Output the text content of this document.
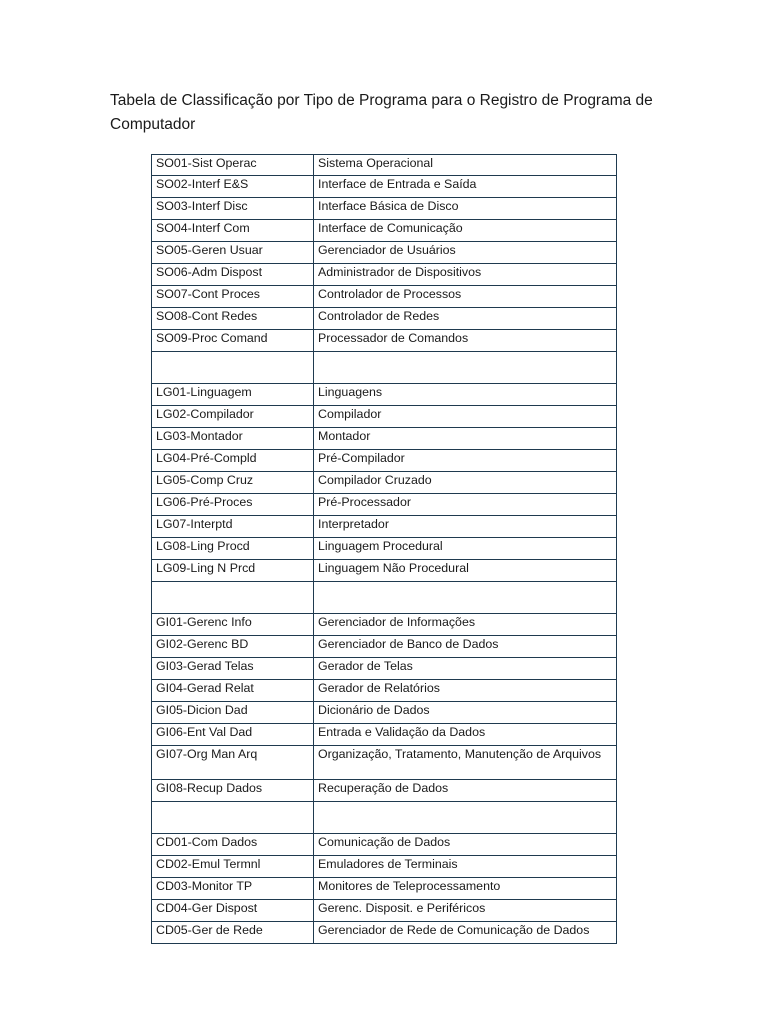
Tabela de Classificação por Tipo de Programa para o Registro de Programa de Computador
SO01-Sist Operac	Sistema Operacional
SO02-Interf E&S	Interface de Entrada e Saída
SO03-Interf Disc	Interface Básica de Disco
SO04-Interf Com	Interface de Comunicação
SO05-Geren Usuar	Gerenciador de Usuários
SO06-Adm Dispost	Administrador de Dispositivos
SO07-Cont Proces	Controlador de Processos
SO08-Cont Redes	Controlador de Redes
SO09-Proc Comand	Processador de Comandos

LG01-Linguagem	Linguagens
LG02-Compilador	Compilador
LG03-Montador	Montador
LG04-Pré-Compld	Pré-Compilador
LG05-Comp Cruz	Compilador Cruzado
LG06-Pré-Proces	Pré-Processador
LG07-Interptd	Interpretador
LG08-Ling Procd	Linguagem Procedural
LG09-Ling N Prcd	Linguagem Não Procedural

GI01-Gerenc Info	Gerenciador de Informações
GI02-Gerenc BD	Gerenciador de Banco de Dados
GI03-Gerad Telas	Gerador de Telas
GI04-Gerad Relat	Gerador de Relatórios
GI05-Dicion Dad	Dicionário de Dados
GI06-Ent Val Dad	Entrada e Validação da Dados
GI07-Org Man Arq	Organização, Tratamento, Manutenção de Arquivos
GI08-Recup Dados	Recuperação de Dados

CD01-Com Dados	Comunicação de Dados
CD02-Emul Termnl	Emuladores de Terminais
CD03-Monitor TP	Monitores de Teleprocessamento
CD04-Ger Dispost	Gerenc. Disposit. e Periféricos
CD05-Ger de Rede	Gerenciador de Rede de Comunicação de Dados
